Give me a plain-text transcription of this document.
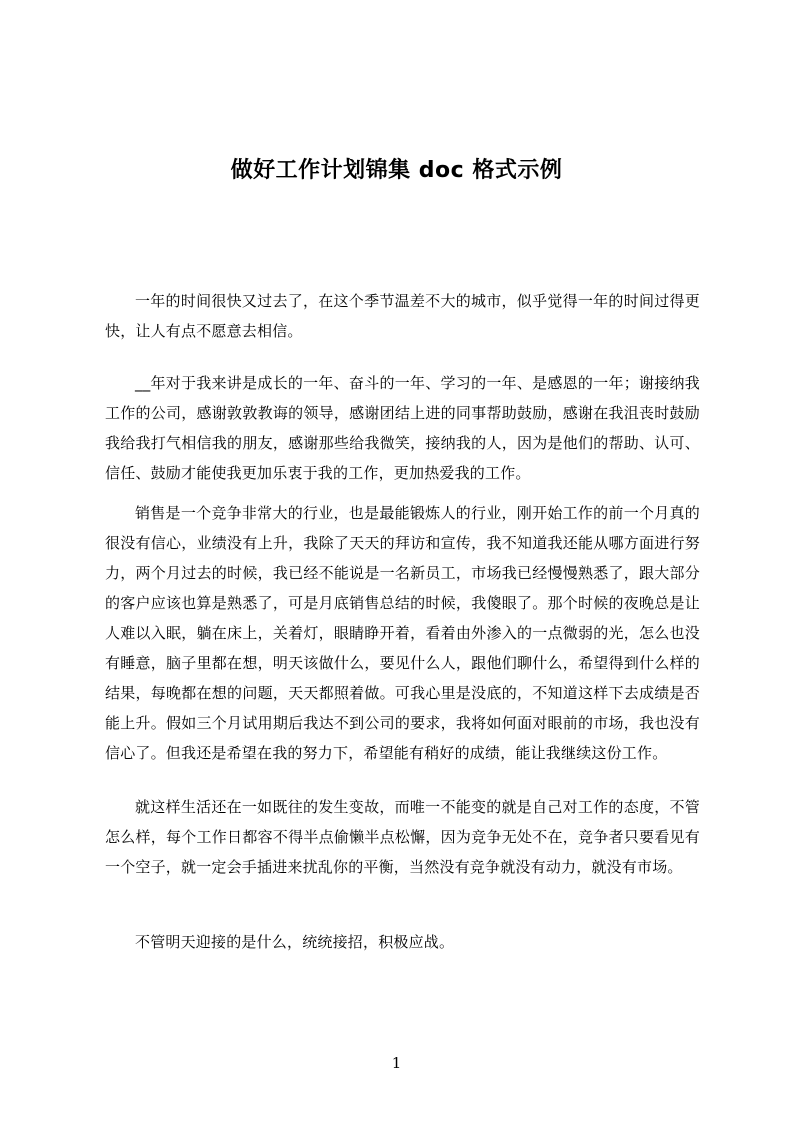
做好工作计划锦集 doc 格式示例

一年的时间很快又过去了，在这个季节温差不大的城市，似乎觉得一年的时间过得更快，让人有点不愿意去相信。

__年对于我来讲是成长的一年、奋斗的一年、学习的一年、是感恩的一年；谢接纳我工作的公司，感谢敦敦教诲的领导，感谢团结上进的同事帮助鼓励，感谢在我沮丧时鼓励我给我打气相信我的朋友，感谢那些给我微笑，接纳我的人，因为是他们的帮助、认可、信任、鼓励才能使我更加乐衷于我的工作，更加热爱我的工作。

销售是一个竞争非常大的行业，也是最能锻炼人的行业，刚开始工作的前一个月真的很没有信心，业绩没有上升，我除了天天的拜访和宣传，我不知道我还能从哪方面进行努力，两个月过去的时候，我已经不能说是一名新员工，市场我已经慢慢熟悉了，跟大部分的客户应该也算是熟悉了，可是月底销售总结的时候，我傻眼了。那个时候的夜晚总是让人难以入眠，躺在床上，关着灯，眼睛睁开着，看着由外渗入的一点微弱的光，怎么也没有睡意，脑子里都在想，明天该做什么，要见什么人，跟他们聊什么，希望得到什么样的结果，每晚都在想的问题，天天都照着做。可我心里是没底的，不知道这样下去成绩是否能上升。假如三个月试用期后我达不到公司的要求，我将如何面对眼前的市场，我也没有信心了。但我还是希望在我的努力下，希望能有稍好的成绩，能让我继续这份工作。

就这样生活还在一如既往的发生变故，而唯一不能变的就是自己对工作的态度，不管怎么样，每个工作日都容不得半点偷懒半点松懈，因为竞争无处不在，竞争者只要看见有一个空子，就一定会手插进来扰乱你的平衡，当然没有竞争就没有动力，就没有市场。

不管明天迎接的是什么，统统接招，积极应战。

1
